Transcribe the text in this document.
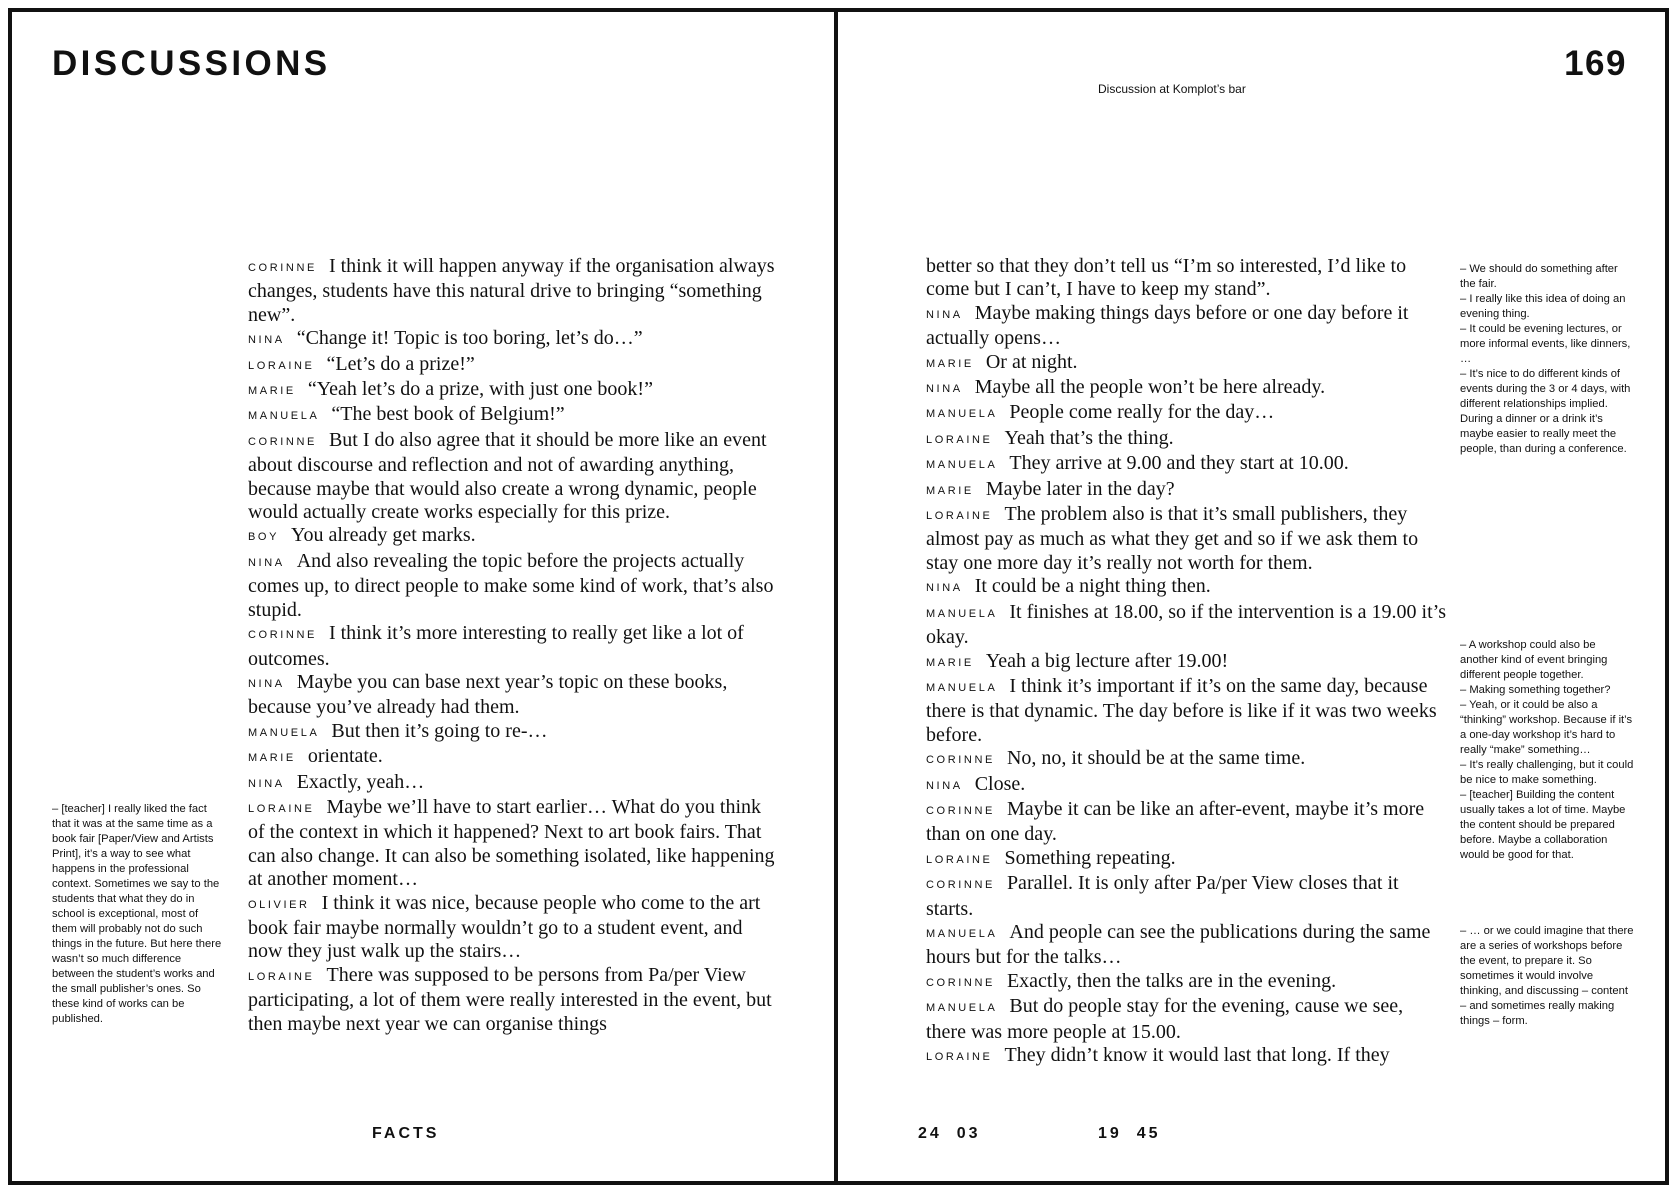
DISCUSSIONS	169
Discussion at Komplot’s bar

CORINNE I think it will happen anyway if the organisation always changes, students have this natural drive to bringing “something new”.

NINA “Change it! Topic is too boring, let’s do…”

LORAINE “Let’s do a prize!”

MARIE “Yeah let’s do a prize, with just one book!”

MANUELA “The best book of Belgium!”

CORINNE But I do also agree that it should be more like an event about discourse and reflection and not of awarding anything, because maybe that would also create a wrong dynamic, people would actually create works especially for this prize.

BOY You already get marks.

NINA And also revealing the topic before the projects actually comes up, to direct people to make some kind of work, that’s also stupid.

CORINNE I think it’s more interesting to really get like a lot of outcomes.

NINA Maybe you can base next year’s topic on these books, because you’ve already had them.

MANUELA But then it’s going to re-…

MARIE orientate.

NINA Exactly, yeah…

LORAINE Maybe we’ll have to start earlier… What do you think of the context in which it happened? Next to art book fairs. That can also change. It can also be something isolated, like happening at another moment…

OLIVIER I think it was nice, because people who come to the art book fair maybe normally wouldn’t go to a student event, and now they just walk up the stairs…

LORAINE There was supposed to be persons from Pa/per View participating, a lot of them were really interested in the event, but then maybe next year we can organise things

better so that they don’t tell us “I’m so interested, I’d like to come but I can’t, I have to keep my stand”.

NINA Maybe making things days before or one day before it actually opens…

MARIE Or at night.

NINA Maybe all the people won’t be here already.

MANUELA People come really for the day…

LORAINE Yeah that’s the thing.

MANUELA They arrive at 9.00 and they start at 10.00.

MARIE Maybe later in the day?

LORAINE The problem also is that it’s small publishers, they almost pay as much as what they get and so if we ask them to stay one more day it’s really not worth for them.

NINA It could be a night thing then.

MANUELA It finishes at 18.00, so if the intervention is a 19.00 it’s okay.

MARIE Yeah a big lecture after 19.00!

MANUELA I think it’s important if it’s on the same day, because there is that dynamic. The day before is like if it was two weeks before.

CORINNE No, no, it should be at the same time.

NINA Close.

CORINNE Maybe it can be like an after-event, maybe it’s more than on one day.

LORAINE Something repeating.

CORINNE Parallel. It is only after Pa/per View closes that it starts.

MANUELA And people can see the publications during the same hours but for the talks…

CORINNE Exactly, then the talks are in the evening.

MANUELA But do people stay for the evening, cause we see, there was more people at 15.00.

LORAINE They didn’t know it would last that long. If they

– [teacher] I really liked the fact that it was at the same time as a book fair [Paper/View and Artists Print], it’s a way to see what happens in the professional context. Sometimes we say to the students that what they do in school is exceptional, most of them will probably not do such things in the future. But here there wasn’t so much difference between the student’s works and the small publisher’s ones. So these kind of works can be published.

– We should do something after the fair.

– I really like this idea of doing an evening thing.

– It could be evening lectures, or more informal events, like dinners, …

– It’s nice to do different kinds of events during the 3 or 4 days, with different relationships implied. During a dinner or a drink it’s maybe easier to really meet the people, than during a conference.

– A workshop could also be another kind of event bringing different people together.

– Making something together?

– Yeah, or it could be also a “thinking” workshop. Because if it’s a one-day workshop it’s hard to really “make” something…

– It’s really challenging, but it could be nice to make something.

– [teacher] Building the content usually takes a lot of time. Maybe the content should be prepared before. Maybe a collaboration would be good for that.

– … or we could imagine that there are a series of workshops before the event, to prepare it. So sometimes it would involve thinking, and discussing – content – and sometimes really making things – form.

FACTS	24  03	19  45
